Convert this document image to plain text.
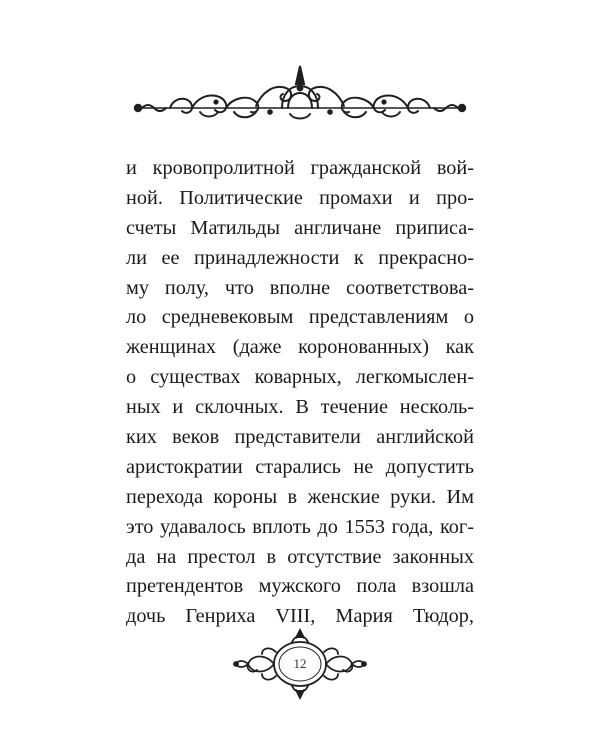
и кровопролитной гражданской вой-
ной. Политические промахи и про-
счеты Матильды англичане приписа-
ли ее принадлежности к прекрасно-
му полу, что вполне соответствова-
ло средневековым представлениям о
женщинах (даже коронованных) как
о существах коварных, легкомыслен-
ных и склочных. В течение несколь-
ких веков представители английской
аристократии старались не допустить
перехода короны в женские руки. Им
это удавалось вплоть до 1553 года, ког-
да на престол в отсутствие законных
претендентов мужского пола взошла
дочь Генриха VIII, Мария Тюдор,
12
